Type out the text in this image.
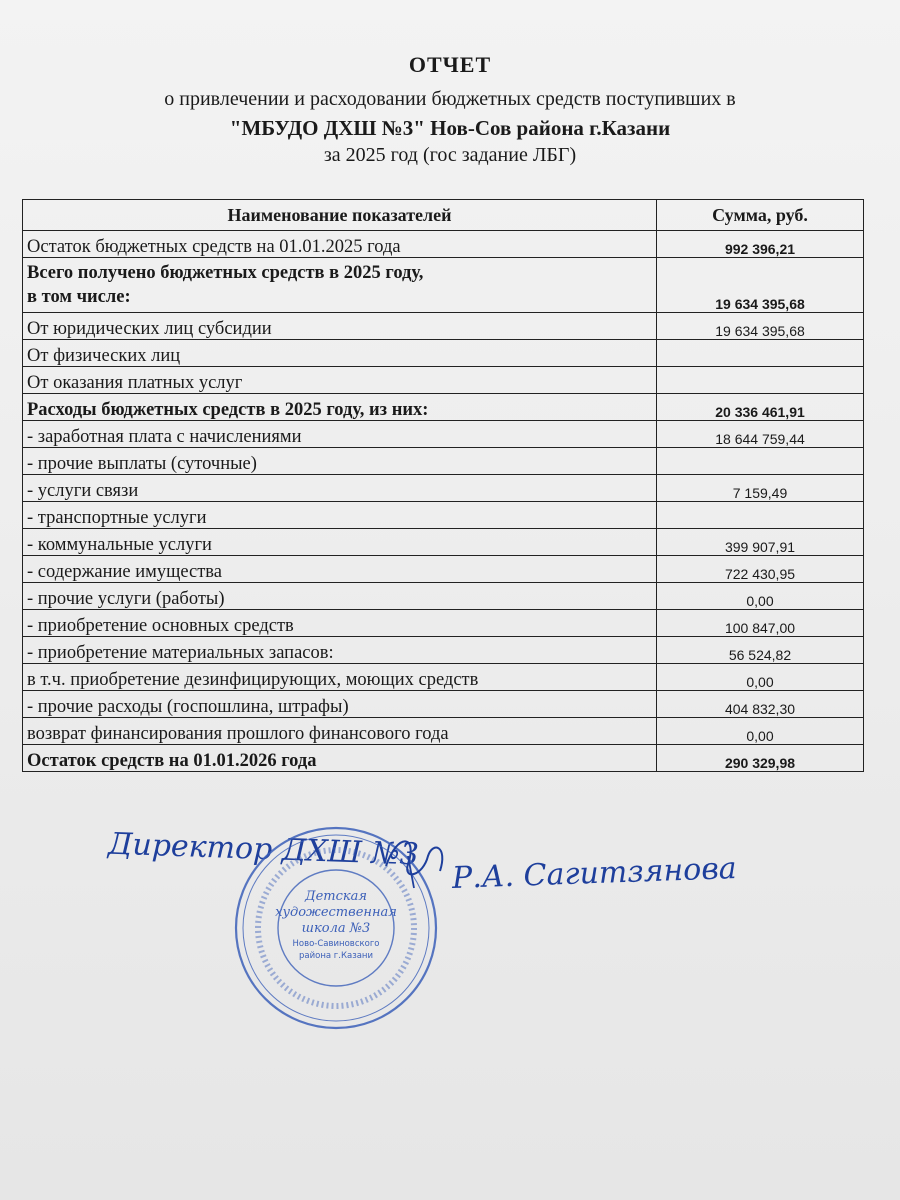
ОТЧЕТ
о привлечении и расходовании бюджетных средств поступивших в
"МБУДО ДХШ №3" Нов-Сов района г.Казани
за 2025 год (гос задание ЛБГ)
Наименование показателей	Сумма, руб.
Остаток бюджетных средств на 01.01.2025 года	992 396,21

Всего получено бюджетных средств в 2025 году,
в том числе:	19 634 395,68
От юридических лиц субсидии	19 634 395,68
От физических лиц	
От оказания платных услуг	
Расходы бюджетных средств в 2025 году, из них:	20 336 461,91
- заработная плата с начислениями	18 644 759,44
- прочие выплаты (суточные)	
- услуги связи	7 159,49
- транспортные услуги	
- коммунальные услуги	399 907,91
- содержание имущества	722 430,95
- прочие услуги (работы)	0,00
- приобретение основных средств	100 847,00
- приобретение материальных запасов:	56 524,82
в т.ч. приобретение дезинфицирующих, моющих средств	0,00
- прочие расходы (госпошлина, штрафы)	404 832,30
возврат финансирования прошлого финансового года	0,00
Остаток средств на 01.01.2026 года	290 329,98
Директор ДХШ №3
Детская
художественная
школа №3
Ново-Савиновского
района г.Казани
Р.А. Сагитзянова
